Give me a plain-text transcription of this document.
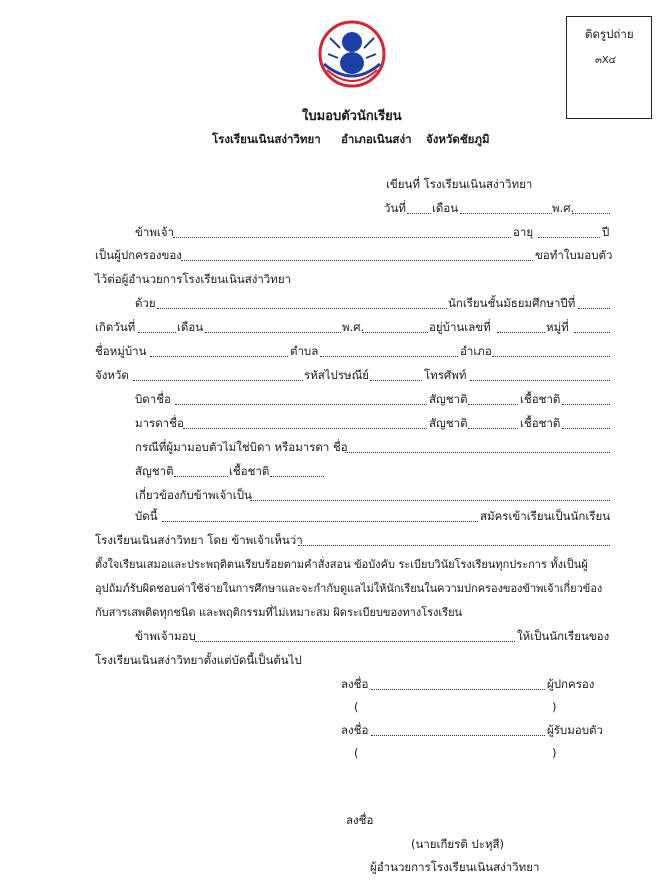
ติดรูปถ่าย
๓X๔
ใบมอบตัวนักเรียน
โรงเรียนเนินสง่าวิทยา อำเภอเนินสง่า จังหวัดชัยภูมิ
เขียนที่ โรงเรียนเนินสง่าวิทยา
วันที่ เดือน	พ.ศ.
ข้าพเจ้า	อายุ	ปี
เป็นผู้ปกครองของ	ขอทำใบมอบตัว
ไว้ต่อผู้อำนวยการโรงเรียนเนินสง่าวิทยา
ด้วย	นักเรียนชั้นมัธยมศึกษาปีที่
เกิดวันที่	เดือน	พ.ศ.	อยู่บ้านเลขที่	หมู่ที่
ชื่อหมู่บ้าน	ตำบล	อำเภอ
จังหวัด	รหัสไปรษณีย์	โทรศัพท์
บิดาชื่อ	สัญชาติ	เชื้อชาติ
มารดาชื่อ	สัญชาติ	เชื้อชาติ
กรณีที่ผู้มามอบตัวไม่ใช่บิดา หรือมารดา ชื่อ
สัญชาติ	เชื้อชาติ
เกี่ยวข้องกับข้าพเจ้าเป็น
บัดนี้	สมัครเข้าเรียนเป็นนักเรียน
โรงเรียนเนินสง่าวิทยา โดย ข้าพเจ้าเห็นว่า
ตั้งใจเรียนเสมอและประพฤติตนเรียบร้อยตามคำสั่งสอน ข้อบังคับ ระเบียบวินัยโรงเรียนทุกประการ ทั้งเป็นผู้
อุปถัมภ์รับผิดชอบค่าใช้จ่ายในการศึกษาและจะกำกับดูแลไม่ให้นักเรียนในความปกครองของข้าพเจ้าเกี่ยวข้อง
กับสารเสพติดทุกชนิด และพฤติกรรมที่ไม่เหมาะสม ผิดระเบียบของทางโรงเรียน
ข้าพเจ้ามอบ	ให้เป็นนักเรียนของ
โรงเรียนเนินสง่าวิทยาตั้งแต่บัดนี้เป็นต้นไป
ลงชื่อ	ผู้ปกครอง
(	)
ลงชื่อ	ผู้รับมอบตัว
(	)
ลงชื่อ
(นายเกียรติ ปะหุสี)
ผู้อำนวยการโรงเรียนเนินสง่าวิทยา
